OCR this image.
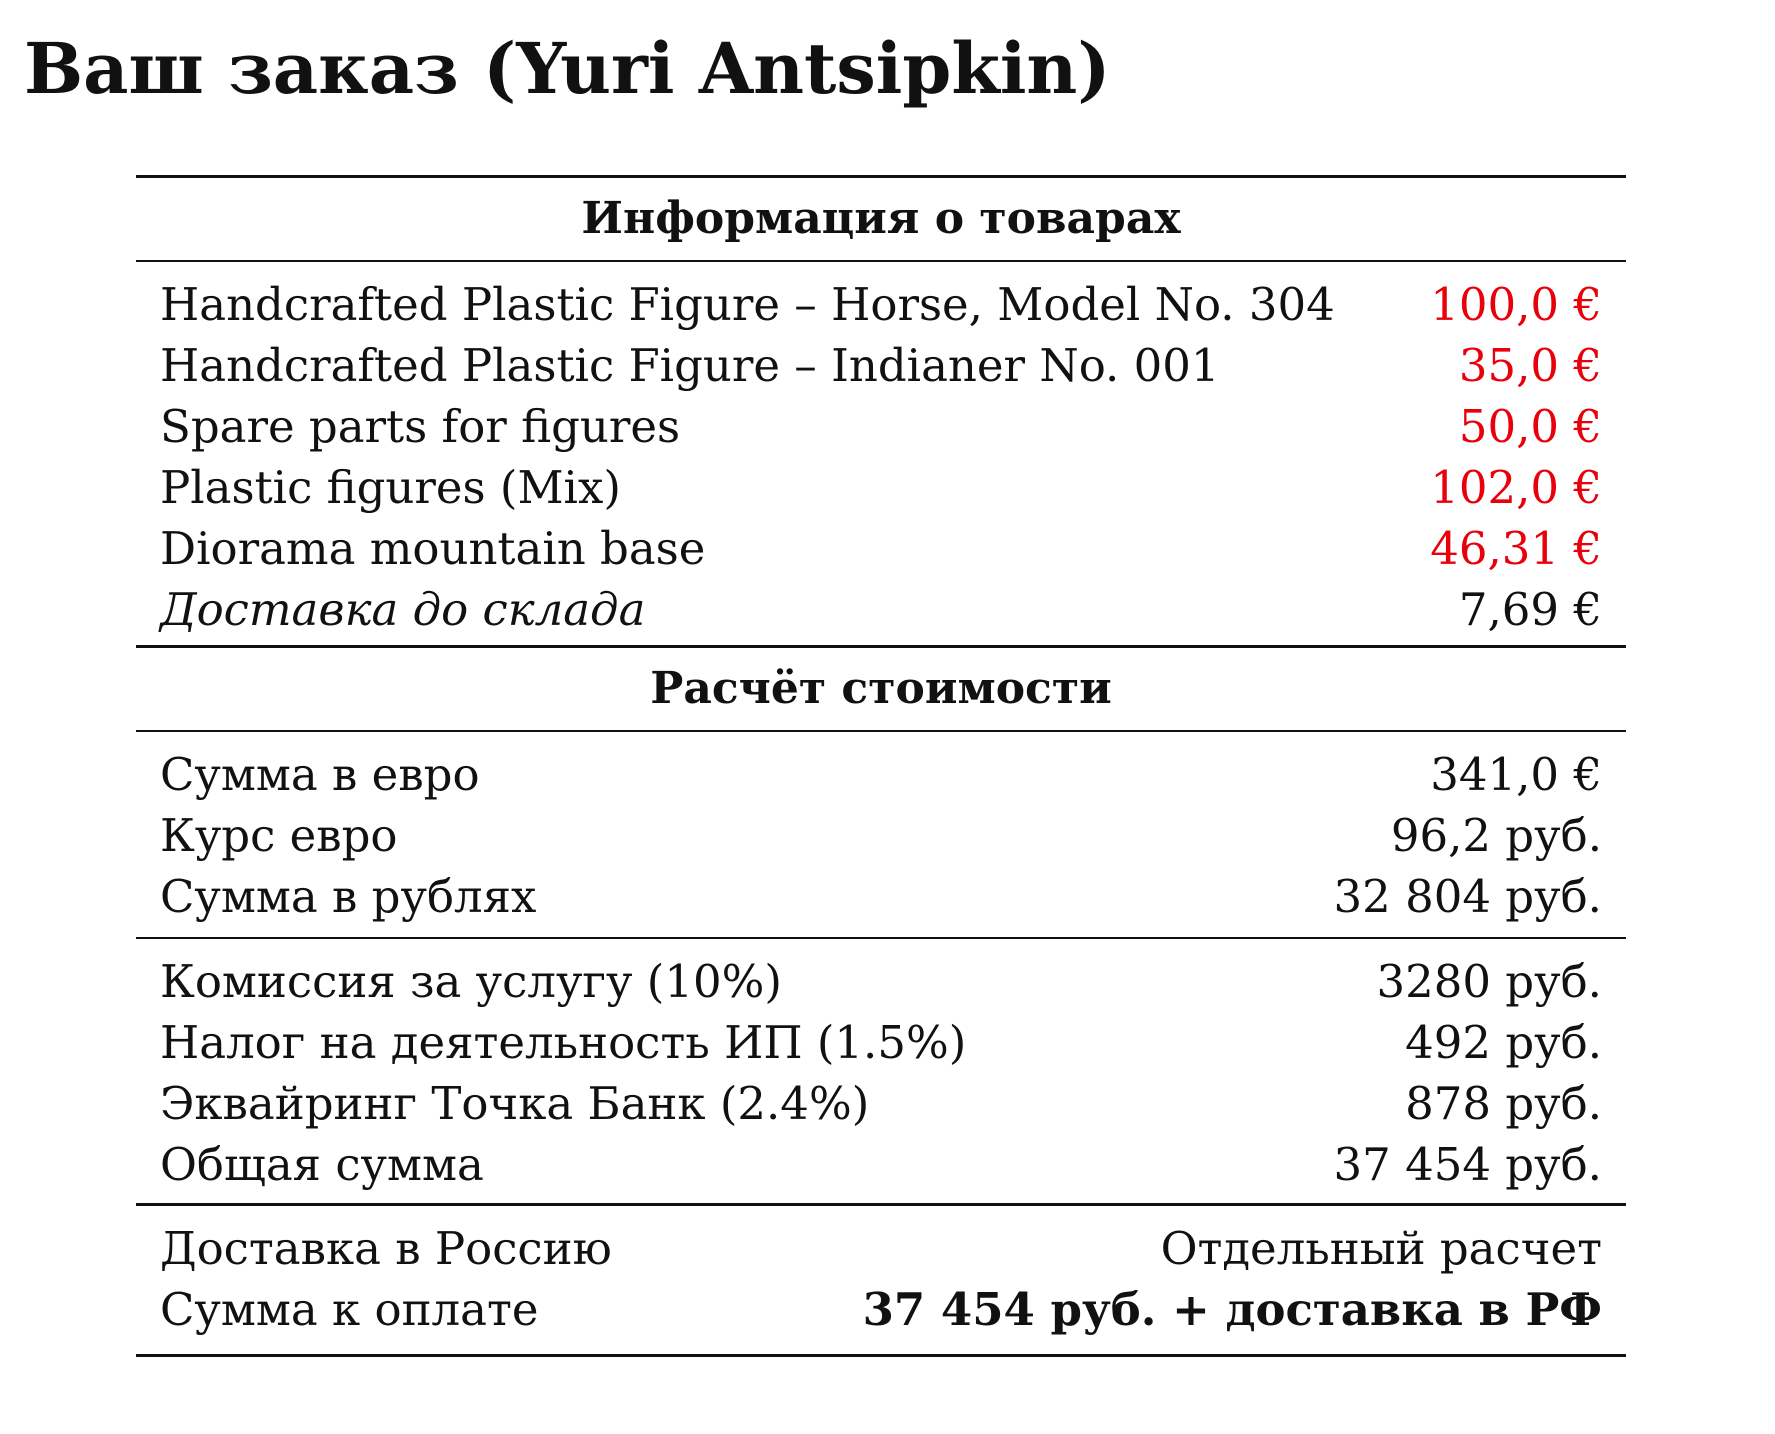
Ваш заказ (Yuri Antsipkin)
Информация о товарах
Handcrafted Plastic Figure – Horse, Model No. 304 100,0 €
Handcrafted Plastic Figure – Indianer No. 001	35,0 €
Spare parts for figures	50,0 €
Plastic figures (Mix)	102,0 €
Diorama mountain base	46,31 €
Доставка до склада	7,69 €
Расчёт стоимости
Сумма в евро	341,0 €
Курс евро	96,2 руб.
Сумма в рублях	32 804 руб.
Комиссия за услугу (10%)	3280 руб.
Налог на деятельность ИП (1.5%)	492 руб.
Эквайринг Точка Банк (2.4%)	878 руб.
Общая сумма	37 454 руб.
Доставка в Россию	Отдельный расчет
Сумма к оплате	37 454 руб. + доставка в РФ
